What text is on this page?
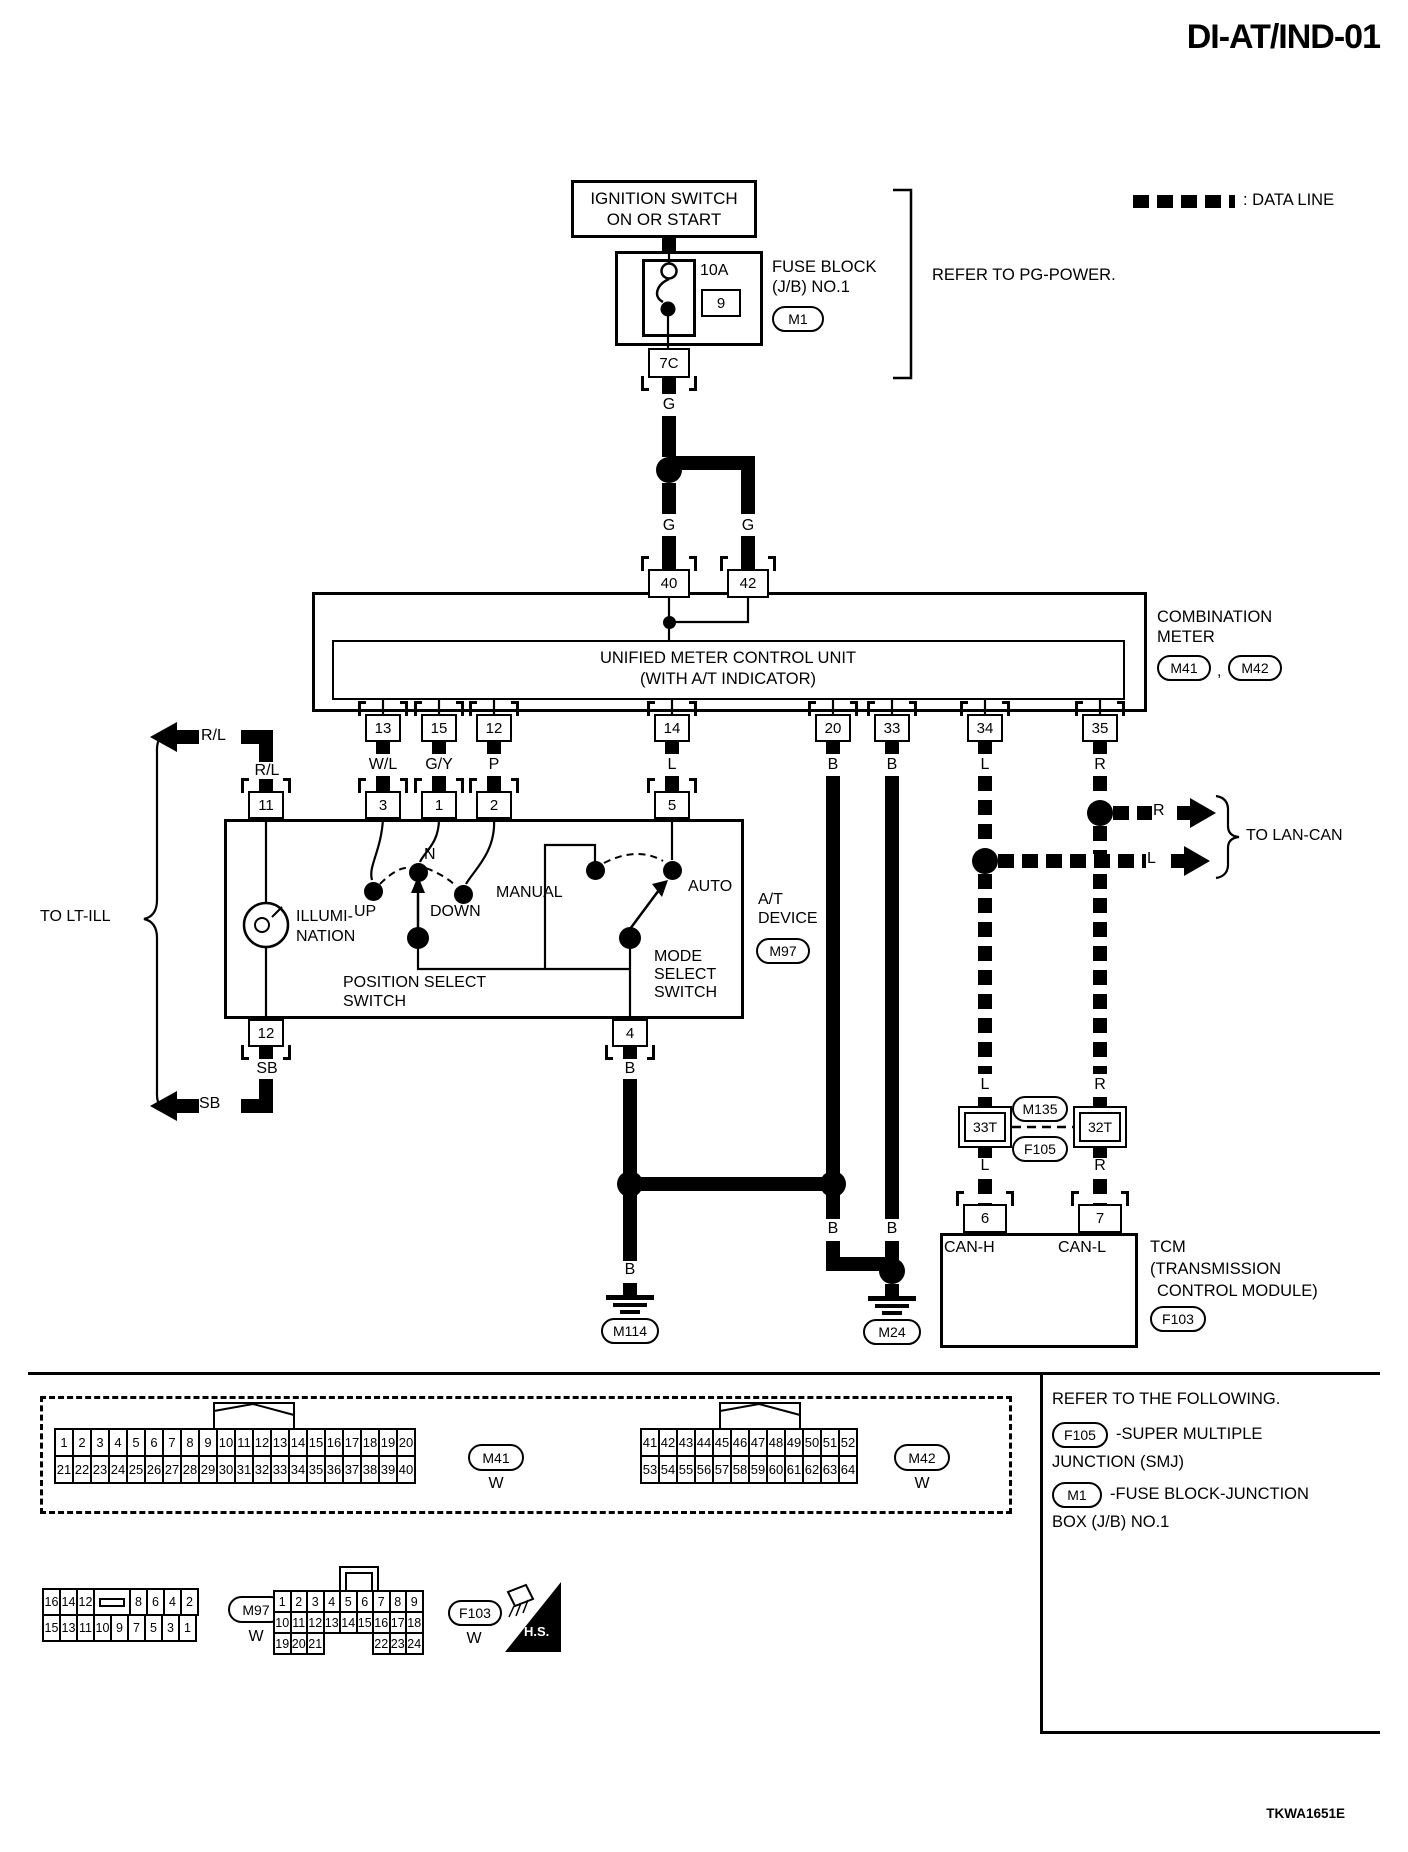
DI-AT/IND-01
: DATA LINE
IGNITION SWITCH
ON OR START
10A
9
FUSE BLOCK
(J/B) NO.1
M1
REFER TO PG-POWER.
UNIFIED METER CONTROL UNIT
(WITH A/T INDICATOR)
COMBINATION
METER
M41	,	M42
ILLUMI-
NATION
N
UP	DOWN
MANUAL	AUTO
POSITION SELECT
SWITCH
MODE
SELECT
SWITCH
A/T
DEVICE
M97
TO LT-ILL
TO LAN-CAN
M135
F105
CAN-H	CAN-L	TCM
(TRANSMISSION
CONTROL MODULE)
F103
M41
W
M42
W
M97
W
F103
W	H.S.
REFER TO THE FOLLOWING.
F105	-SUPER MULTIPLE
JUNCTION (SMJ)
M1	-FUSE BLOCK-JUNCTION
BOX (J/B) NO.1
TKWA1651E
G
G	G
W/L	G/Y	P	L	B	B	L	R
R/L
R/L
SB
SB
B
B
B	B
L	R
L	R
R
L
7C
40	42
13	15	12	14	20	33	34	35
11	3	1	2	5
12	4
6	7
33T	32T
M114	M24
1 2 3 4 5 6 7 8 9 10 11 12 13 14 15 16 17 18 19 20
21 22 23 24 25 26 27 28 29 30 31 32 33 34 35 36 37 38 39 40
41 42 43 44 45 46 47 48 49 50 51 52
53 54 55 56 57 58 59 60 61 62 63 64
16 14 12	8 6 4 2
15 13 11 10 9 7 5 3 1
1 2 3 4 5 6 7 8 9
10 11 12 13 14 15 16 17 18
19 20 21	22 23 24
